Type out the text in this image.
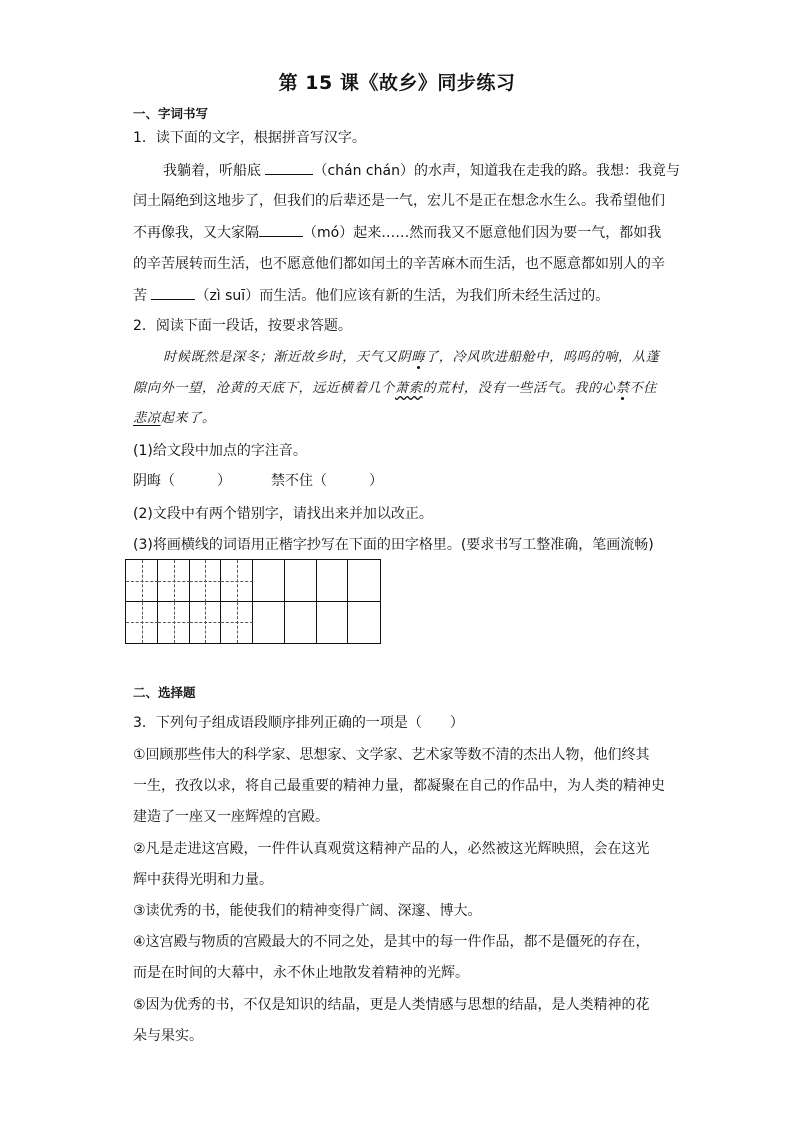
第 15 课《故乡》同步练习
一、字词书写
1．读下面的文字，根据拼音写汉字。
我躺着，听船底	（chán chán）的水声，知道我在走我的路。我想：我竟与
闰土隔绝到这地步了，但我们的后辈还是一气，宏儿不是正在想念水生么。我希望他们
不再像我，又大家隔	（mó）起来……然而我又不愿意他们因为要一气，都如我
的辛苦展转而生活，也不愿意他们都如闰土的辛苦麻木而生活，也不愿意都如别人的辛
苦	（zì suī）而生活。他们应该有新的生活，为我们所未经生活过的。
2．阅读下面一段话，按要求答题。
时候既然是深冬；渐近故乡时，天气又阴晦了，冷风吹进船舱中，呜呜的响，从蓬
隙向外一望，沧黄的天底下，远近横着几个萧索的荒村，没有一些活气。我的心禁不住
悲凉起来了。
(1)给文段中加点的字注音。
阴晦（　　　）	禁不住（　　　）
(2)文段中有两个错别字，请找出来并加以改正。
(3)将画横线的词语用正楷字抄写在下面的田字格里。(要求书写工整准确，笔画流畅)
二、选择题
3．下列句子组成语段顺序排列正确的一项是（　　）
①回顾那些伟大的科学家、思想家、文学家、艺术家等数不清的杰出人物，他们终其
一生，孜孜以求，将自己最重要的精神力量，都凝聚在自己的作品中，为人类的精神史
建造了一座又一座辉煌的宫殿。
②凡是走进这宫殿，一件件认真观赏这精神产品的人，必然被这光辉映照，会在这光
辉中获得光明和力量。
③读优秀的书，能使我们的精神变得广阔、深邃、博大。
④这宫殿与物质的宫殿最大的不同之处，是其中的每一件作品，都不是僵死的存在，
而是在时间的大幕中，永不休止地散发着精神的光辉。
⑤因为优秀的书，不仅是知识的结晶，更是人类情感与思想的结晶，是人类精神的花
朵与果实。
